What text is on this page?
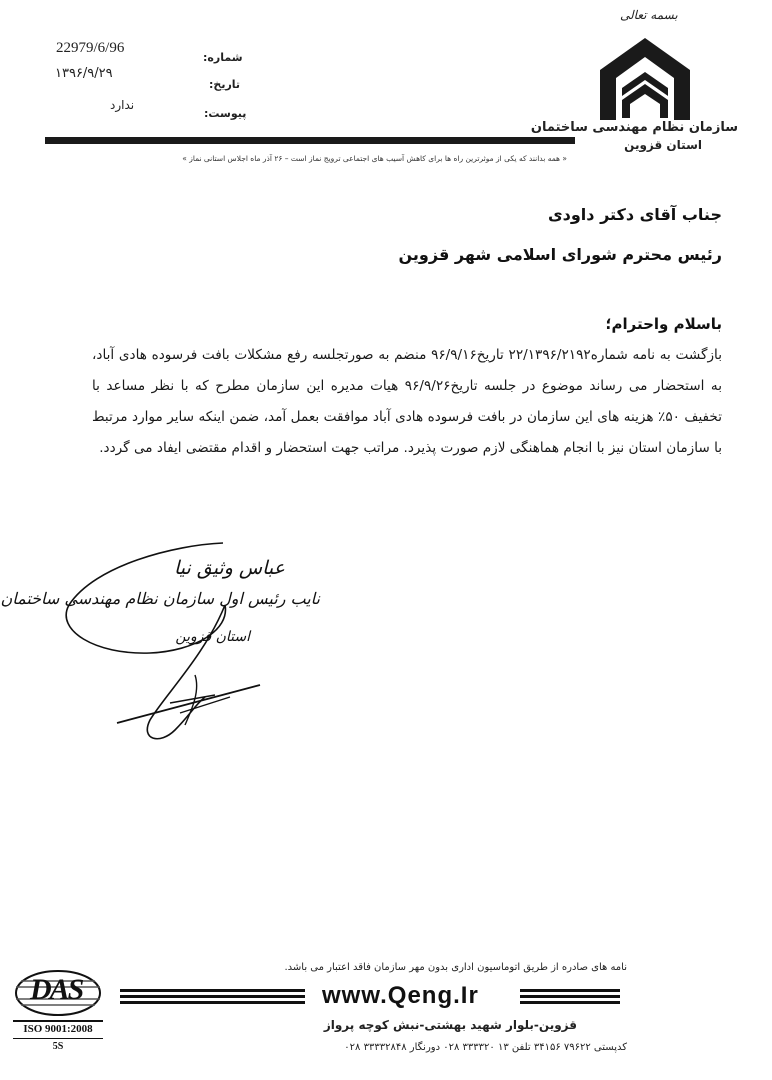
22979/6/96
شماره:
۱۳۹۶/۹/۲۹
تاریخ:
ندارد
پیوست:
بسمه تعالی
سازمان نظام مهندسی ساختمان
استان قزوین
« همه بدانند که یکی از موثرترین راه ها برای کاهش آسیب های اجتماعی ترویج نماز است – ۲۶ آذر ماه اجلاس استانی نماز »
جناب آقای دکتر داودی
رئیس محترم شورای اسلامی شهر قزوین
باسلام واحترام؛
بازگشت به نامه شماره۲۲/۱۳۹۶/۲۱۹۲ تاریخ۹۶/۹/۱۶ منضم به صورتجلسه رفع مشکلات بافت فرسوده هادی آباد، به استحضار می رساند موضوع در جلسه تاریخ۹۶/۹/۲۶ هیات مدیره این سازمان مطرح که با نظر مساعد با تخفیف ۵۰٪ هزینه های این سازمان در بافت فرسوده هادی آباد موافقت بعمل آمد، ضمن اینکه سایر موارد مرتبط با سازمان استان نیز با انجام هماهنگی لازم صورت پذیرد. مراتب جهت استحضار و اقدام مقتضی ایفاد می گردد.
عباس وثیق نیا
نایب رئیس اول سازمان نظام مهندسی ساختمان
استان قزوین
نامه های صادره از طریق اتوماسیون اداری بدون مهر سازمان فاقد اعتبار می باشد.
DAS
ISO 9001:2008
5S
www.Qeng.Ir
قزوین-بلوار شهید بهشتی-نبش کوچه پرواز
کدپستی ۷۹۶۲۲ ۳۴۱۵۶ تلفن ۱۳ ۳۳۳۳۲۰ ۰۲۸ دورنگار ۳۳۳۳۲۸۴۸ ۰۲۸
